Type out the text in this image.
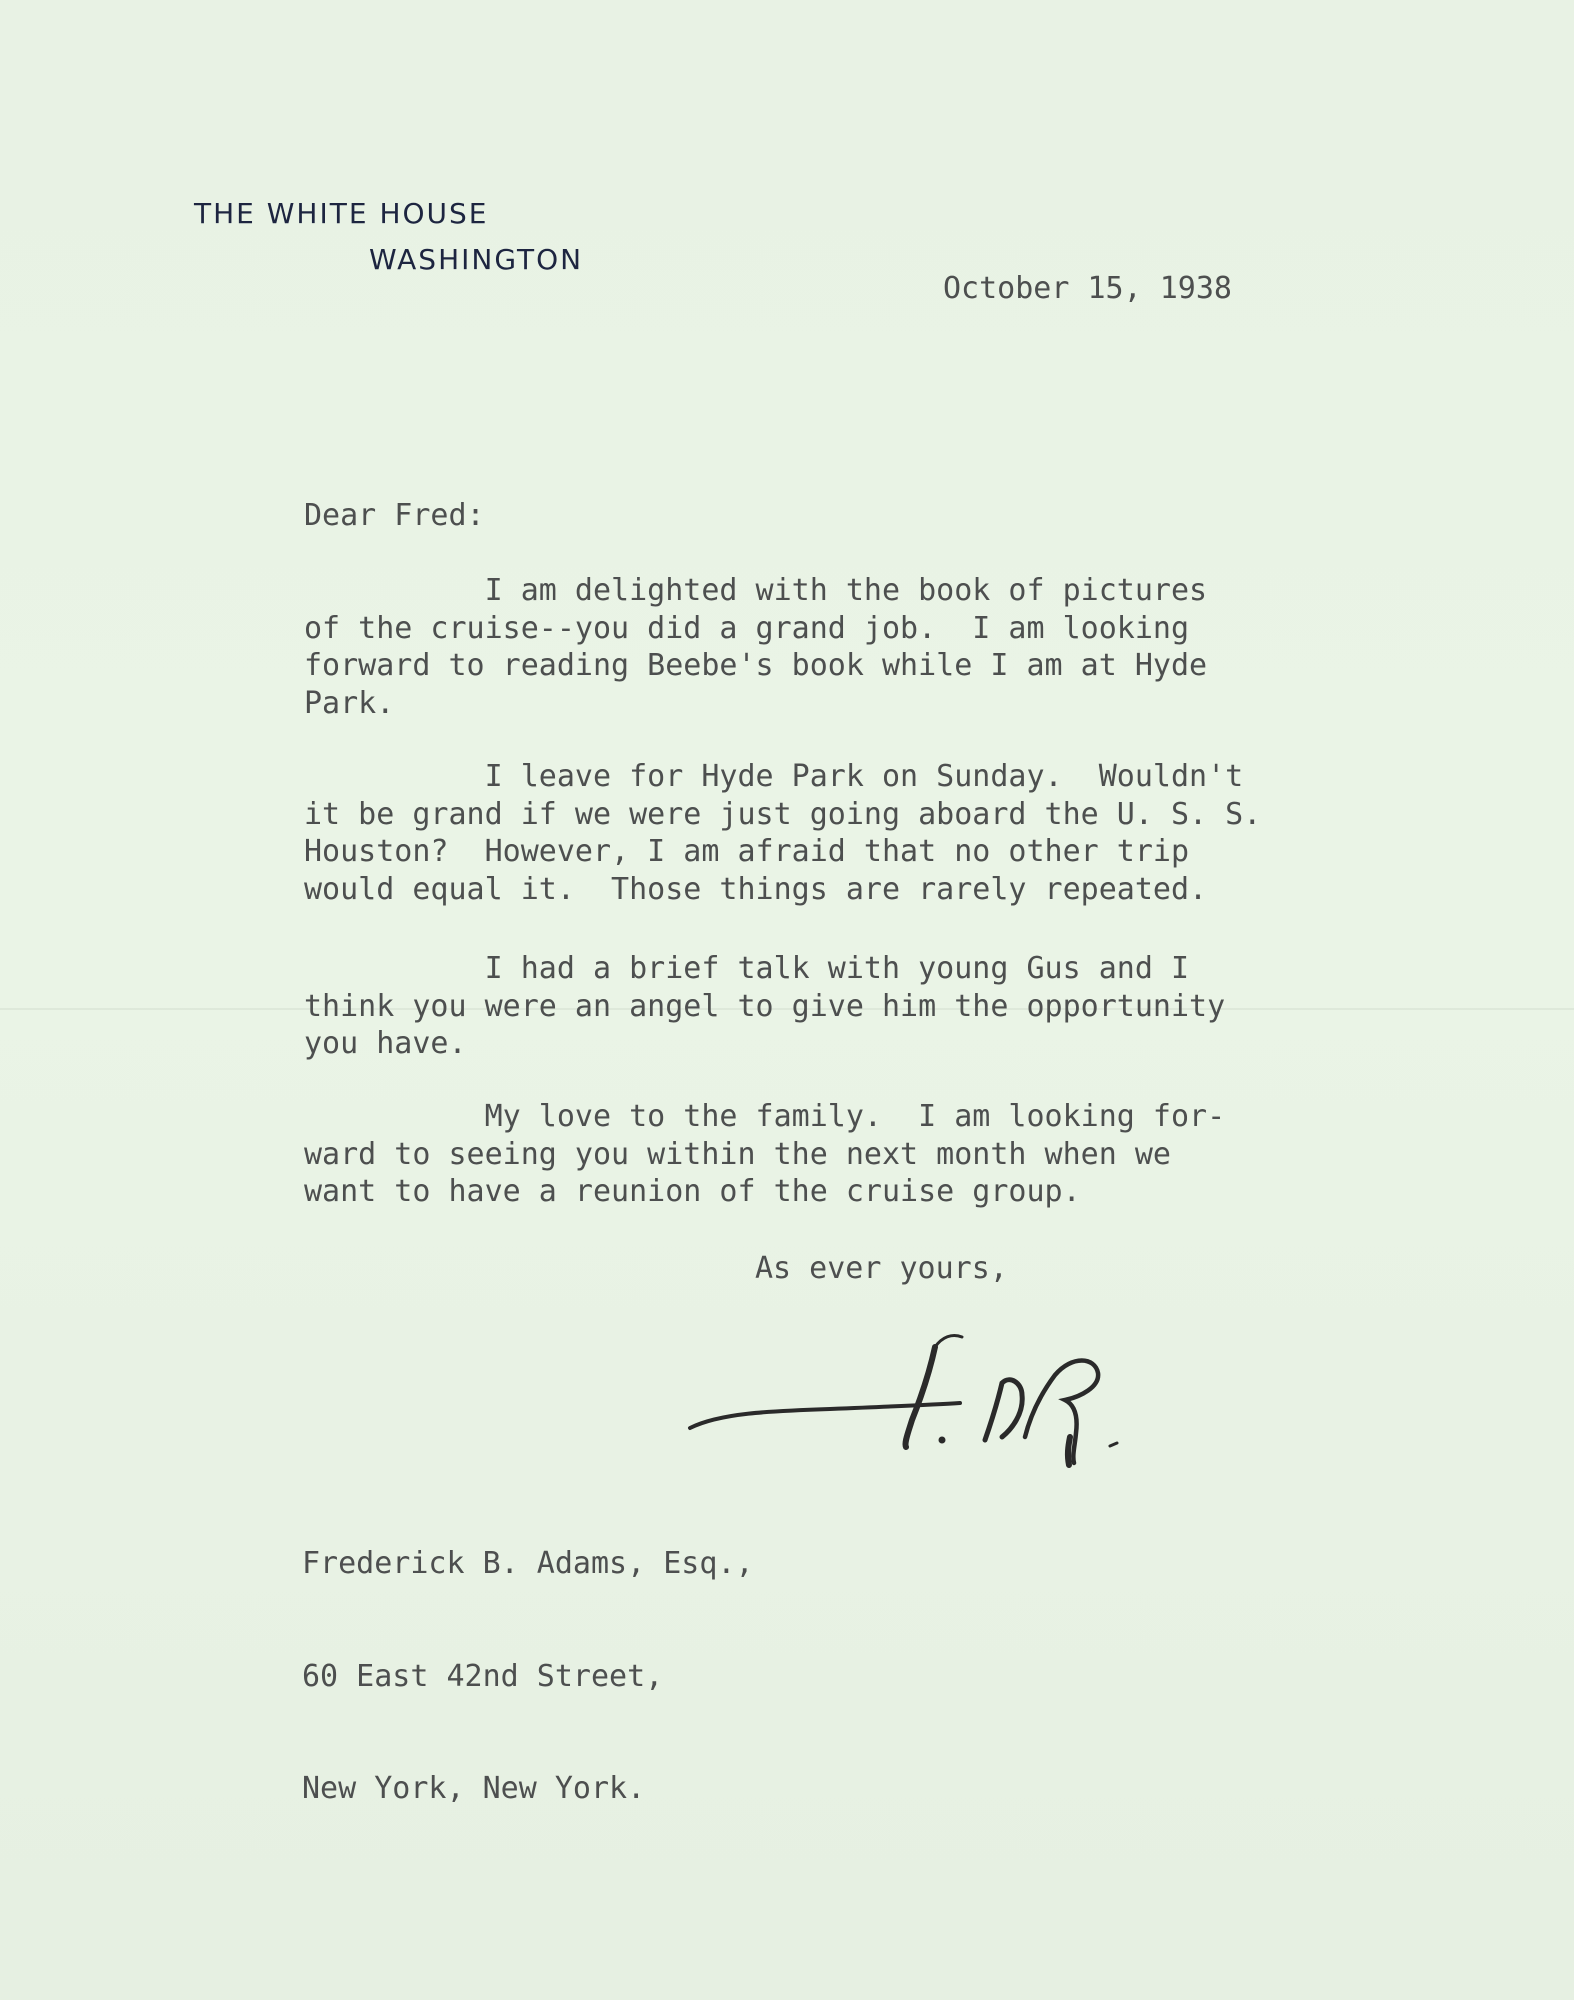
THE WHITE HOUSE
WASHINGTON
October 15, 1938
Dear Fred:
I am delighted with the book of pictures
of the cruise--you did a grand job.  I am looking
forward to reading Beebe's book while I am at Hyde
Park.
I leave for Hyde Park on Sunday.  Wouldn't
it be grand if we were just going aboard the U. S. S.
Houston?  However, I am afraid that no other trip
would equal it.  Those things are rarely repeated.
I had a brief talk with young Gus and I
think you were an angel to give him the opportunity
you have.
My love to the family.  I am looking for-
ward to seeing you within the next month when we
want to have a reunion of the cruise group.
As ever yours,

Frederick B. Adams, Esq.,

60 East 42nd Street,

New York, New York.
